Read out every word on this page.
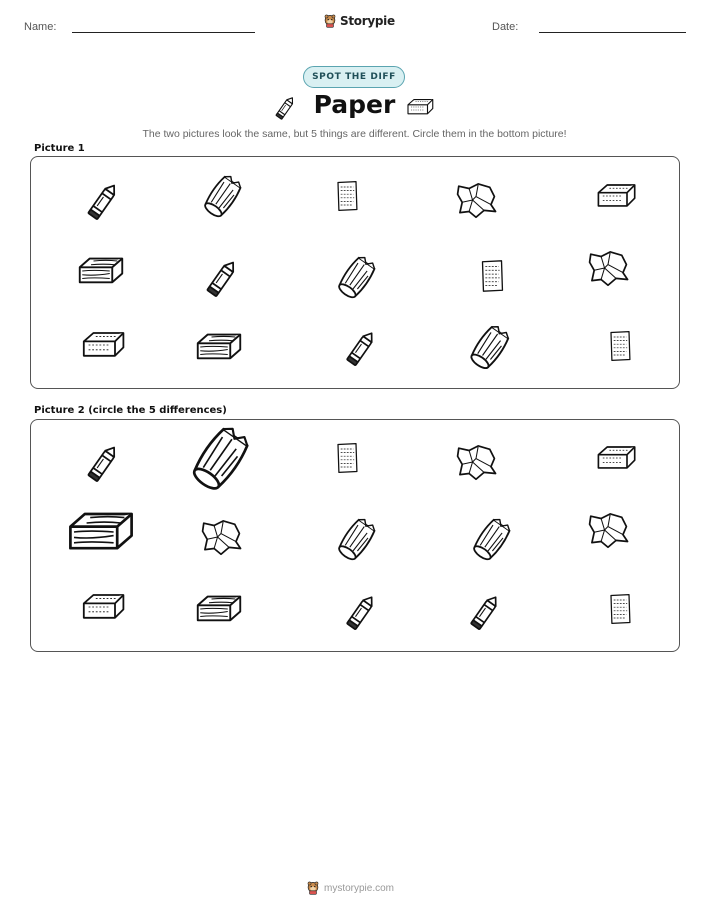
Name:	Storypie	Date:
SPOT THE DIFF
Paper
The two pictures look the same, but 5 things are different. Circle them in the bottom picture!
Picture 1
Picture 2 (circle the 5 differences)
mystorypie.com
